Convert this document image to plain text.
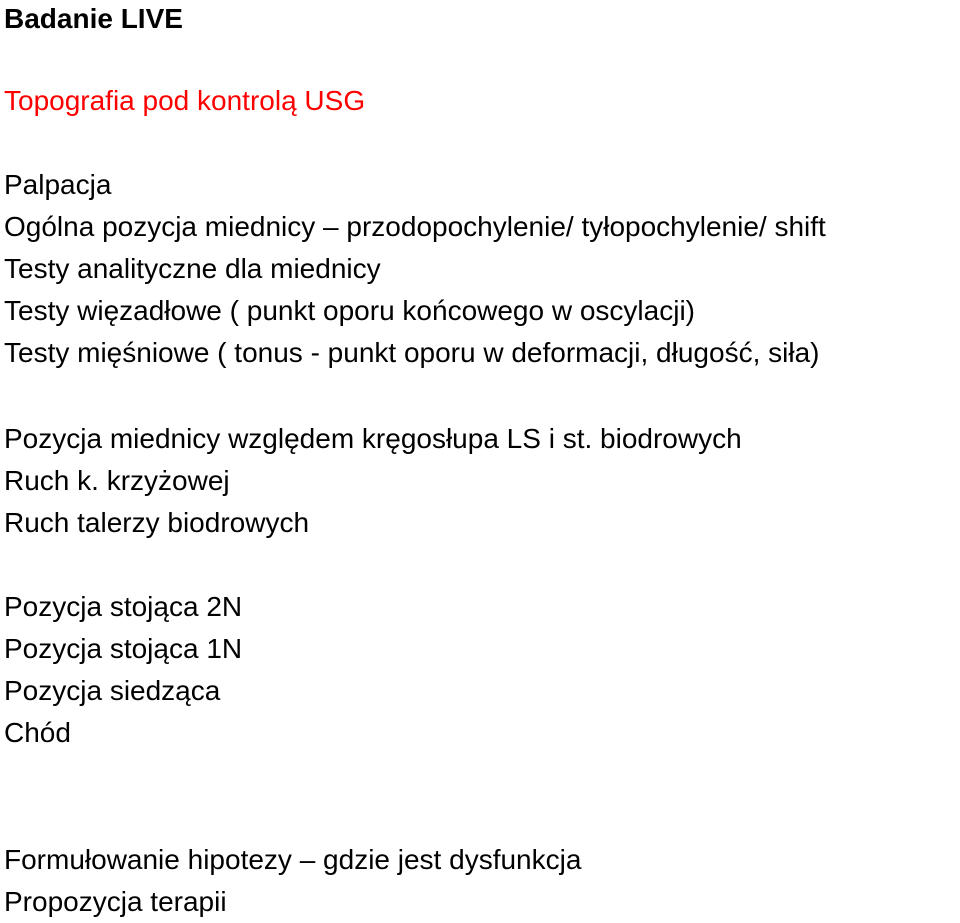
Badanie LIVE

Topografia pod kontrolą USG

Palpacja
Ogólna pozycja miednicy – przodopochylenie/ tyłopochylenie/ shift
Testy analityczne dla miednicy
Testy więzadłowe ( punkt oporu końcowego w oscylacji)
Testy mięśniowe ( tonus - punkt oporu w deformacji, długość, siła)
Pozycja miednicy względem kręgosłupa LS i st. biodrowych
Ruch k. krzyżowej
Ruch talerzy biodrowych
Pozycja stojąca 2N
Pozycja stojąca 1N
Pozycja siedząca
Chód
Formułowanie hipotezy – gdzie jest dysfunkcja
Propozycja terapii
